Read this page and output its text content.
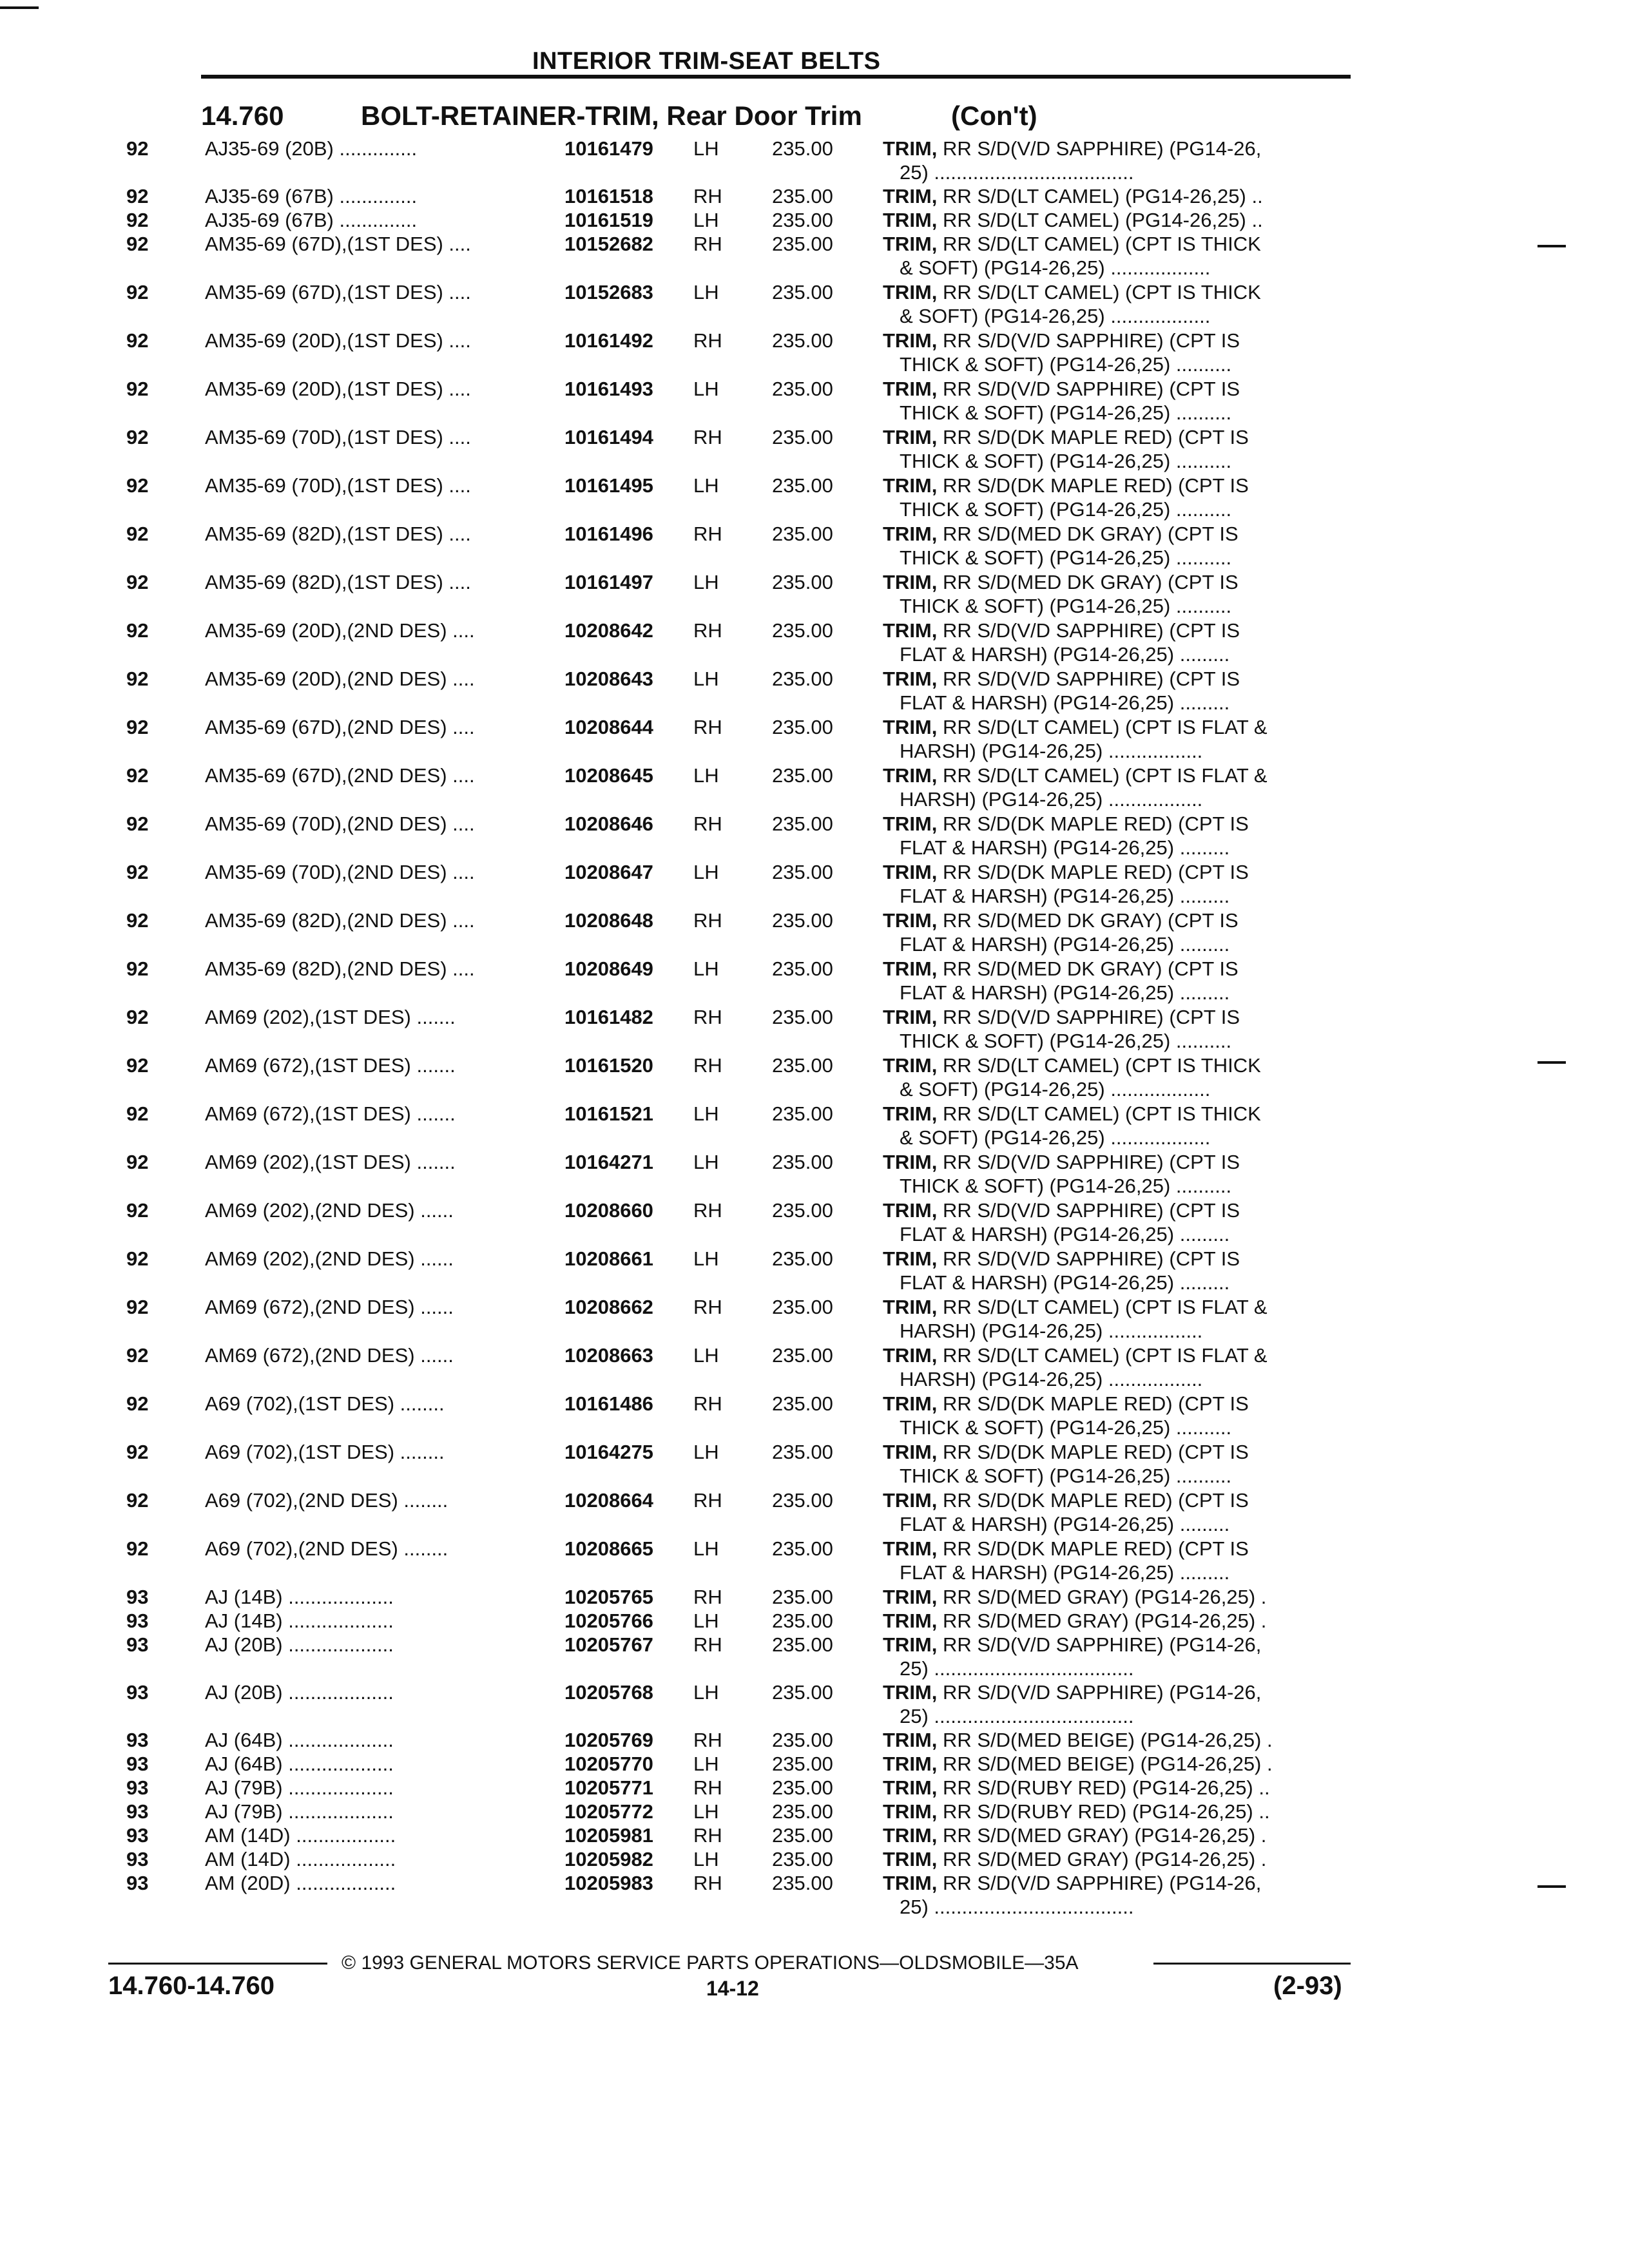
INTERIOR TRIM-SEAT BELTS
14.760	BOLT-RETAINER-TRIM, Rear Door Trim	(Con't)
92	AJ35-69 (20B) ..............	10161479 LH	235.00 TRIM, RR S/D(V/D SAPPHIRE) (PG14-26,
25) ....................................
92	AJ35-69 (67B) ..............	10161518 RH 235.00 TRIM, RR S/D(LT CAMEL) (PG14-26,25) ..
92	AJ35-69 (67B) ..............	10161519 LH	235.00 TRIM, RR S/D(LT CAMEL) (PG14-26,25) ..
92	AM35-69 (67D),(1ST DES) ....	10152682 RH 235.00 TRIM, RR S/D(LT CAMEL) (CPT IS THICK
& SOFT) (PG14-26,25) ..................
92	AM35-69 (67D),(1ST DES) ....	10152683 LH	235.00 TRIM, RR S/D(LT CAMEL) (CPT IS THICK
& SOFT) (PG14-26,25) ..................
92	AM35-69 (20D),(1ST DES) ....	10161492 RH 235.00 TRIM, RR S/D(V/D SAPPHIRE) (CPT IS
THICK & SOFT) (PG14-26,25) ..........
92	AM35-69 (20D),(1ST DES) ....	10161493 LH	235.00 TRIM, RR S/D(V/D SAPPHIRE) (CPT IS
THICK & SOFT) (PG14-26,25) ..........
92	AM35-69 (70D),(1ST DES) ....	10161494 RH 235.00 TRIM, RR S/D(DK MAPLE RED) (CPT IS
THICK & SOFT) (PG14-26,25) ..........
92	AM35-69 (70D),(1ST DES) ....	10161495 LH	235.00 TRIM, RR S/D(DK MAPLE RED) (CPT IS
THICK & SOFT) (PG14-26,25) ..........
92	AM35-69 (82D),(1ST DES) ....	10161496 RH 235.00 TRIM, RR S/D(MED DK GRAY) (CPT IS
THICK & SOFT) (PG14-26,25) ..........
92	AM35-69 (82D),(1ST DES) ....	10161497 LH	235.00 TRIM, RR S/D(MED DK GRAY) (CPT IS
THICK & SOFT) (PG14-26,25) ..........
92	AM35-69 (20D),(2ND DES) ....	10208642 RH 235.00 TRIM, RR S/D(V/D SAPPHIRE) (CPT IS
FLAT & HARSH) (PG14-26,25) .........
92	AM35-69 (20D),(2ND DES) ....	10208643 LH	235.00 TRIM, RR S/D(V/D SAPPHIRE) (CPT IS
FLAT & HARSH) (PG14-26,25) .........
92	AM35-69 (67D),(2ND DES) ....	10208644 RH 235.00 TRIM, RR S/D(LT CAMEL) (CPT IS FLAT &
HARSH) (PG14-26,25) .................
92	AM35-69 (67D),(2ND DES) ....	10208645 LH	235.00 TRIM, RR S/D(LT CAMEL) (CPT IS FLAT &
HARSH) (PG14-26,25) .................
92	AM35-69 (70D),(2ND DES) ....	10208646 RH 235.00 TRIM, RR S/D(DK MAPLE RED) (CPT IS
FLAT & HARSH) (PG14-26,25) .........
92	AM35-69 (70D),(2ND DES) ....	10208647 LH	235.00 TRIM, RR S/D(DK MAPLE RED) (CPT IS
FLAT & HARSH) (PG14-26,25) .........
92	AM35-69 (82D),(2ND DES) ....	10208648 RH 235.00 TRIM, RR S/D(MED DK GRAY) (CPT IS
FLAT & HARSH) (PG14-26,25) .........
92	AM35-69 (82D),(2ND DES) ....	10208649 LH	235.00 TRIM, RR S/D(MED DK GRAY) (CPT IS
FLAT & HARSH) (PG14-26,25) .........
92	AM69 (202),(1ST DES) .......	10161482 RH 235.00 TRIM, RR S/D(V/D SAPPHIRE) (CPT IS
THICK & SOFT) (PG14-26,25) ..........
92	AM69 (672),(1ST DES) .......	10161520 RH 235.00 TRIM, RR S/D(LT CAMEL) (CPT IS THICK
& SOFT) (PG14-26,25) ..................
92	AM69 (672),(1ST DES) .......	10161521 LH	235.00 TRIM, RR S/D(LT CAMEL) (CPT IS THICK
& SOFT) (PG14-26,25) ..................
92	AM69 (202),(1ST DES) .......	10164271 LH	235.00 TRIM, RR S/D(V/D SAPPHIRE) (CPT IS
THICK & SOFT) (PG14-26,25) ..........
92	AM69 (202),(2ND DES) ......	10208660 RH 235.00 TRIM, RR S/D(V/D SAPPHIRE) (CPT IS
FLAT & HARSH) (PG14-26,25) .........
92	AM69 (202),(2ND DES) ......	10208661 LH	235.00 TRIM, RR S/D(V/D SAPPHIRE) (CPT IS
FLAT & HARSH) (PG14-26,25) .........
92	AM69 (672),(2ND DES) ......	10208662 RH 235.00 TRIM, RR S/D(LT CAMEL) (CPT IS FLAT &
HARSH) (PG14-26,25) .................
92	AM69 (672),(2ND DES) ......	10208663 LH	235.00 TRIM, RR S/D(LT CAMEL) (CPT IS FLAT &
HARSH) (PG14-26,25) .................
92	A69 (702),(1ST DES) ........	10161486 RH 235.00 TRIM, RR S/D(DK MAPLE RED) (CPT IS
THICK & SOFT) (PG14-26,25) ..........
92	A69 (702),(1ST DES) ........	10164275 LH	235.00 TRIM, RR S/D(DK MAPLE RED) (CPT IS
THICK & SOFT) (PG14-26,25) ..........
92	A69 (702),(2ND DES) ........	10208664 RH 235.00 TRIM, RR S/D(DK MAPLE RED) (CPT IS
FLAT & HARSH) (PG14-26,25) .........
92	A69 (702),(2ND DES) ........	10208665 LH	235.00 TRIM, RR S/D(DK MAPLE RED) (CPT IS
FLAT & HARSH) (PG14-26,25) .........
93	AJ (14B) ...................	10205765 RH 235.00 TRIM, RR S/D(MED GRAY) (PG14-26,25) .
93	AJ (14B) ...................	10205766 LH	235.00 TRIM, RR S/D(MED GRAY) (PG14-26,25) .
93	AJ (20B) ...................	10205767 RH 235.00 TRIM, RR S/D(V/D SAPPHIRE) (PG14-26,
25) ....................................
93	AJ (20B) ...................	10205768 LH	235.00 TRIM, RR S/D(V/D SAPPHIRE) (PG14-26,
25) ....................................
93	AJ (64B) ...................	10205769 RH 235.00 TRIM, RR S/D(MED BEIGE) (PG14-26,25) .
93	AJ (64B) ...................	10205770 LH	235.00 TRIM, RR S/D(MED BEIGE) (PG14-26,25) .
93	AJ (79B) ...................	10205771 RH 235.00 TRIM, RR S/D(RUBY RED) (PG14-26,25) ..
93	AJ (79B) ...................	10205772 LH	235.00 TRIM, RR S/D(RUBY RED) (PG14-26,25) ..
93	AM (14D) ..................	10205981 RH 235.00 TRIM, RR S/D(MED GRAY) (PG14-26,25) .
93	AM (14D) ..................	10205982 LH	235.00 TRIM, RR S/D(MED GRAY) (PG14-26,25) .
93	AM (20D) ..................	10205983 RH 235.00 TRIM, RR S/D(V/D SAPPHIRE) (PG14-26,
25) ....................................
© 1993 GENERAL MOTORS SERVICE PARTS OPERATIONS—OLDSMOBILE—35A
14.760-14.760	14-12	(2-93)
